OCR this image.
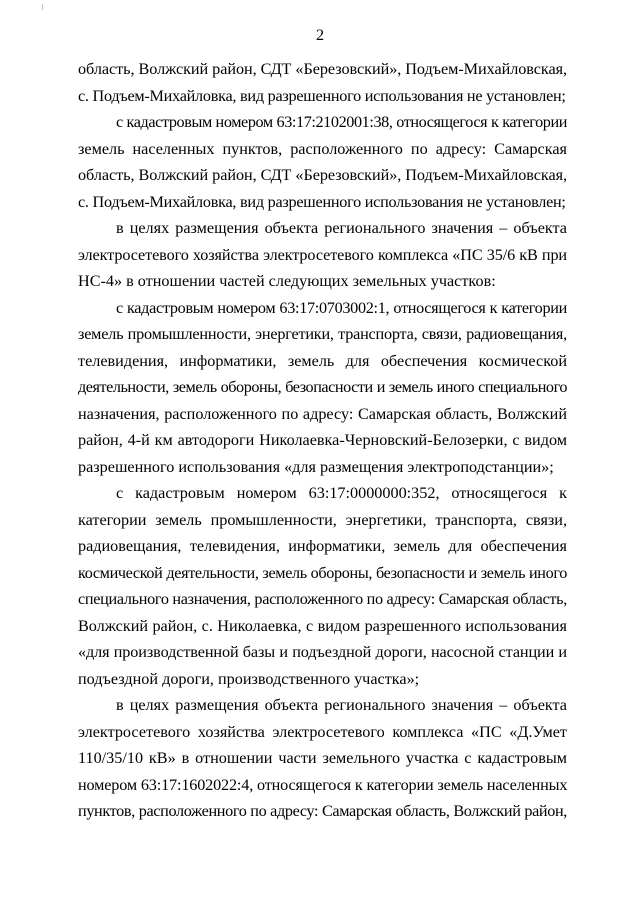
2
область, Волжский район, СДТ «Березовский», Подъем-Михайловская,
с. Подъем-Михайловка, вид разрешенного использования не установлен;
с кадастровым номером 63:17:2102001:38, относящегося к категории
земель населенных пунктов, расположенного по адресу: Самарская
область, Волжский район, СДТ «Березовский», Подъем-Михайловская,
с. Подъем-Михайловка, вид разрешенного использования не установлен;
в целях размещения объекта регионального значения – объекта
электросетевого хозяйства электросетевого комплекса «ПС 35/6 кВ при
НС-4» в отношении частей следующих земельных участков:
с кадастровым номером 63:17:0703002:1, относящегося к категории
земель промышленности, энергетики, транспорта, связи, радиовещания,
телевидения, информатики, земель для обеспечения космической
деятельности, земель обороны, безопасности и земель иного специального
назначения, расположенного по адресу: Самарская область, Волжский
район, 4-й км автодороги Николаевка-Черновский-Белозерки, с видом
разрешенного использования «для размещения электроподстанции»;
с кадастровым номером 63:17:0000000:352, относящегося к
категории земель промышленности, энергетики, транспорта, связи,
радиовещания, телевидения, информатики, земель для обеспечения
космической деятельности, земель обороны, безопасности и земель иного
специального назначения, расположенного по адресу: Самарская область,
Волжский район, с. Николаевка, с видом разрешенного использования
«для производственной базы и подъездной дороги, насосной станции и
подъездной дороги, производственного участка»;
в целях размещения объекта регионального значения – объекта
электросетевого хозяйства электросетевого комплекса «ПС «Д.Умет
110/35/10 кВ» в отношении части земельного участка с кадастровым
номером 63:17:1602022:4, относящегося к категории земель населенных
пунктов, расположенного по адресу: Самарская область, Волжский район,
